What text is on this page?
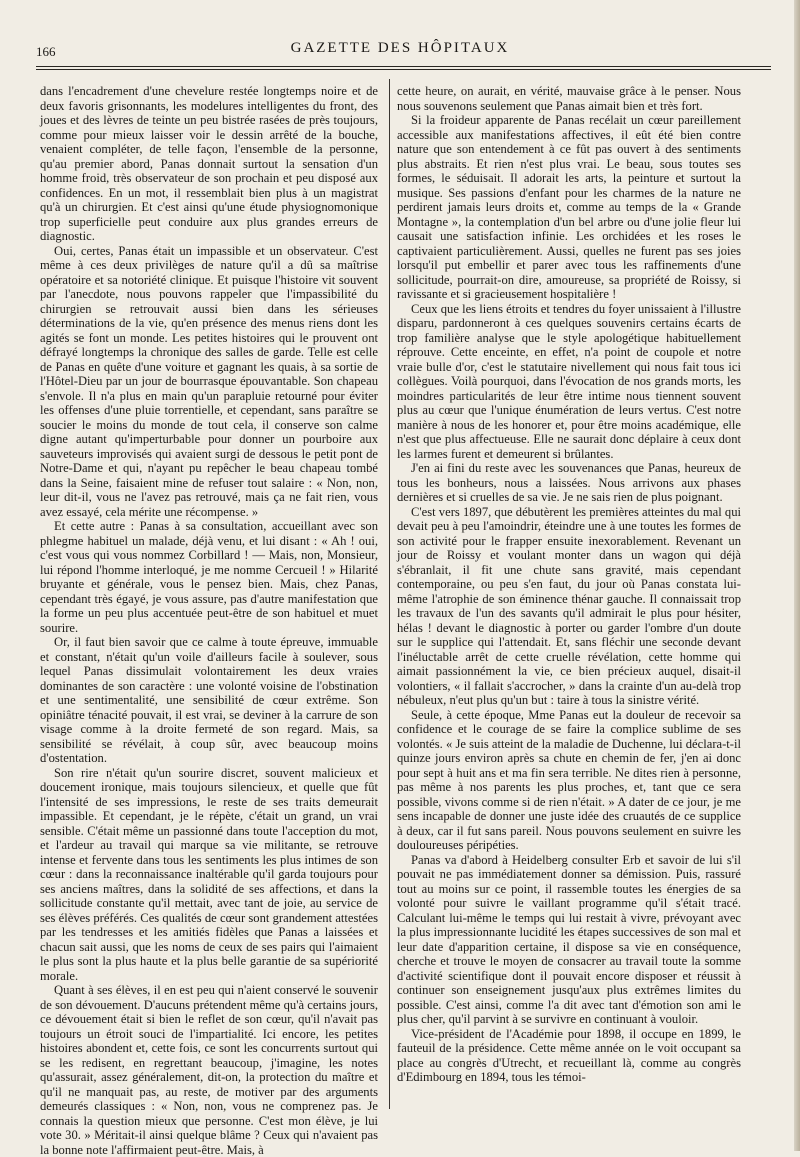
166	GAZETTE DES HÔPITAUX

dans l'encadrement d'une chevelure restée longtemps noire et de deux favoris grisonnants, les modelures intelligentes du front, des joues et des lèvres de teinte un peu bistrée rasées de près toujours, comme pour mieux laisser voir le dessin arrêté de la bouche, venaient compléter, de telle façon, l'ensemble de la personne, qu'au premier abord, Panas donnait surtout la sensation d'un homme froid, très observateur de son prochain et peu disposé aux confidences. En un mot, il ressemblait bien plus à un magistrat qu'à un chirurgien. Et c'est ainsi qu'une étude physiognomonique trop superficielle peut conduire aux plus grandes erreurs de diagnostic.

Oui, certes, Panas était un impassible et un observateur. C'est même à ces deux privilèges de nature qu'il a dû sa maîtrise opératoire et sa notoriété clinique. Et puisque l'histoire vit souvent par l'anecdote, nous pouvons rappeler que l'impassibilité du chirurgien se retrouvait aussi bien dans les sérieuses déterminations de la vie, qu'en présence des menus riens dont les agités se font un monde. Les petites histoires qui le prouvent ont défrayé longtemps la chronique des salles de garde. Telle est celle de Panas en quête d'une voiture et gagnant les quais, à sa sortie de l'Hôtel-Dieu par un jour de bourrasque épouvantable. Son chapeau s'envole. Il n'a plus en main qu'un parapluie retourné pour éviter les offenses d'une pluie torrentielle, et cependant, sans paraître se soucier le moins du monde de tout cela, il conserve son calme digne autant qu'imperturbable pour donner un pourboire aux sauveteurs improvisés qui avaient surgi de dessous le petit pont de Notre-Dame et qui, n'ayant pu repêcher le beau chapeau tombé dans la Seine, faisaient mine de refuser tout salaire : « Non, non, leur dit-il, vous ne l'avez pas retrouvé, mais ça ne fait rien, vous avez essayé, cela mérite une récompense. »

Et cette autre : Panas à sa consultation, accueillant avec son phlegme habituel un malade, déjà venu, et lui disant : « Ah ! oui, c'est vous qui vous nommez Corbillard ! — Mais, non, Monsieur, lui répond l'homme interloqué, je me nomme Cercueil ! » Hilarité bruyante et générale, vous le pensez bien. Mais, chez Panas, cependant très égayé, je vous assure, pas d'autre manifestation que la forme un peu plus accentuée peut-être de son habituel et muet sourire.

Or, il faut bien savoir que ce calme à toute épreuve, immuable et constant, n'était qu'un voile d'ailleurs facile à soulever, sous lequel Panas dissimulait volontairement les deux vraies dominantes de son caractère : une volonté voisine de l'obstination et une sentimentalité, une sensibilité de cœur extrême. Son opiniâtre ténacité pouvait, il est vrai, se deviner à la carrure de son visage comme à la droite fermeté de son regard. Mais, sa sensibilité se révélait, à coup sûr, avec beaucoup moins d'ostentation.

Son rire n'était qu'un sourire discret, souvent malicieux et doucement ironique, mais toujours silencieux, et quelle que fût l'intensité de ses impressions, le reste de ses traits demeurait impassible. Et cependant, je le répète, c'était un grand, un vrai sensible. C'était même un passionné dans toute l'acception du mot, et l'ardeur au travail qui marque sa vie militante, se retrouve intense et fervente dans tous les sentiments les plus intimes de son cœur : dans la reconnaissance inaltérable qu'il garda toujours pour ses anciens maîtres, dans la solidité de ses affections, et dans la sollicitude constante qu'il mettait, avec tant de joie, au service de ses élèves préférés. Ces qualités de cœur sont grandement attestées par les tendresses et les amitiés fidèles que Panas a laissées et chacun sait aussi, que les noms de ceux de ses pairs qui l'aimaient le plus sont la plus haute et la plus belle garantie de sa supériorité morale.

Quant à ses élèves, il en est peu qui n'aient conservé le souvenir de son dévouement. D'aucuns prétendent même qu'à certains jours, ce dévouement était si bien le reflet de son cœur, qu'il n'avait pas toujours un étroit souci de l'impartialité. Ici encore, les petites histoires abondent et, cette fois, ce sont les concurrents surtout qui se les redisent, en regrettant beaucoup, j'imagine, les notes qu'assurait, assez généralement, dit-on, la protection du maître et qu'il ne manquait pas, au reste, de motiver par des arguments demeurés classiques : « Non, non, vous ne comprenez pas. Je connais la question mieux que personne. C'est mon élève, je lui vote 30. » Méritait-il ainsi quelque blâme ? Ceux qui n'avaient pas la bonne note l'affirmaient peut-être. Mais, à

cette heure, on aurait, en vérité, mauvaise grâce à le penser. Nous nous souvenons seulement que Panas aimait bien et très fort.

Si la froideur apparente de Panas recélait un cœur pareillement accessible aux manifestations affectives, il eût été bien contre nature que son entendement à ce fût pas ouvert à des sentiments plus abstraits. Et rien n'est plus vrai. Le beau, sous toutes ses formes, le séduisait. Il adorait les arts, la peinture et surtout la musique. Ses passions d'enfant pour les charmes de la nature ne perdirent jamais leurs droits et, comme au temps de la « Grande Montagne », la contemplation d'un bel arbre ou d'une jolie fleur lui causait une satisfaction infinie. Les orchidées et les roses le captivaient particulièrement. Aussi, quelles ne furent pas ses joies lorsqu'il put embellir et parer avec tous les raffinements d'une sollicitude, pourrait-on dire, amoureuse, sa propriété de Roissy, si ravissante et si gracieusement hospitalière !

Ceux que les liens étroits et tendres du foyer unissaient à l'illustre disparu, pardonneront à ces quelques souvenirs certains écarts de trop familière analyse que le style apologétique habituellement réprouve. Cette enceinte, en effet, n'a point de coupole et notre vraie bulle d'or, c'est le statutaire nivellement qui nous fait tous ici collègues. Voilà pourquoi, dans l'évocation de nos grands morts, les moindres particularités de leur être intime nous tiennent souvent plus au cœur que l'unique énumération de leurs vertus. C'est notre manière à nous de les honorer et, pour être moins académique, elle n'est que plus affectueuse. Elle ne saurait donc déplaire à ceux dont les larmes furent et demeurent si brûlantes.

J'en ai fini du reste avec les souvenances que Panas, heureux de tous les bonheurs, nous a laissées. Nous arrivons aux phases dernières et si cruelles de sa vie. Je ne sais rien de plus poignant.

C'est vers 1897, que débutèrent les premières atteintes du mal qui devait peu à peu l'amoindrir, éteindre une à une toutes les formes de son activité pour le frapper ensuite inexorablement. Revenant un jour de Roissy et voulant monter dans un wagon qui déjà s'ébranlait, il fit une chute sans gravité, mais cependant contemporaine, ou peu s'en faut, du jour où Panas constata lui-même l'atrophie de son éminence thénar gauche. Il connaissait trop les travaux de l'un des savants qu'il admirait le plus pour hésiter, hélas ! devant le diagnostic à porter ou garder l'ombre d'un doute sur le supplice qui l'attendait. Et, sans fléchir une seconde devant l'inéluctable arrêt de cette cruelle révélation, cette homme qui aimait passionnément la vie, ce bien précieux auquel, disait-il volontiers, « il fallait s'accrocher, » dans la crainte d'un au-delà trop nébuleux, n'eut plus qu'un but : taire à tous la sinistre vérité.

Seule, à cette époque, Mme Panas eut la douleur de recevoir sa confidence et le courage de se faire la complice sublime de ses volontés. « Je suis atteint de la maladie de Duchenne, lui déclara-t-il quinze jours environ après sa chute en chemin de fer, j'en ai donc pour sept à huit ans et ma fin sera terrible. Ne dites rien à personne, pas même à nos parents les plus proches, et, tant que ce sera possible, vivons comme si de rien n'était. » A dater de ce jour, je me sens incapable de donner une juste idée des cruautés de ce supplice à deux, car il fut sans pareil. Nous pouvons seulement en suivre les douloureuses péripéties.

Panas va d'abord à Heidelberg consulter Erb et savoir de lui s'il pouvait ne pas immédiatement donner sa démission. Puis, rassuré tout au moins sur ce point, il rassemble toutes les énergies de sa volonté pour suivre le vaillant programme qu'il s'était tracé. Calculant lui-même le temps qui lui restait à vivre, prévoyant avec la plus impressionnante lucidité les étapes successives de son mal et leur date d'apparition certaine, il dispose sa vie en conséquence, cherche et trouve le moyen de consacrer au travail toute la somme d'activité scientifique dont il pouvait encore disposer et réussit à continuer son enseignement jusqu'aux plus extrêmes limites du possible. C'est ainsi, comme l'a dit avec tant d'émotion son ami le plus cher, qu'il parvint à se survivre en continuant à vouloir.

Vice-président de l'Académie pour 1898, il occupe en 1899, le fauteuil de la présidence. Cette même année on le voit occupant sa place au congrès d'Utrecht, et recueillant là, comme au congrès d'Edimbourg en 1894, tous les témoi-
